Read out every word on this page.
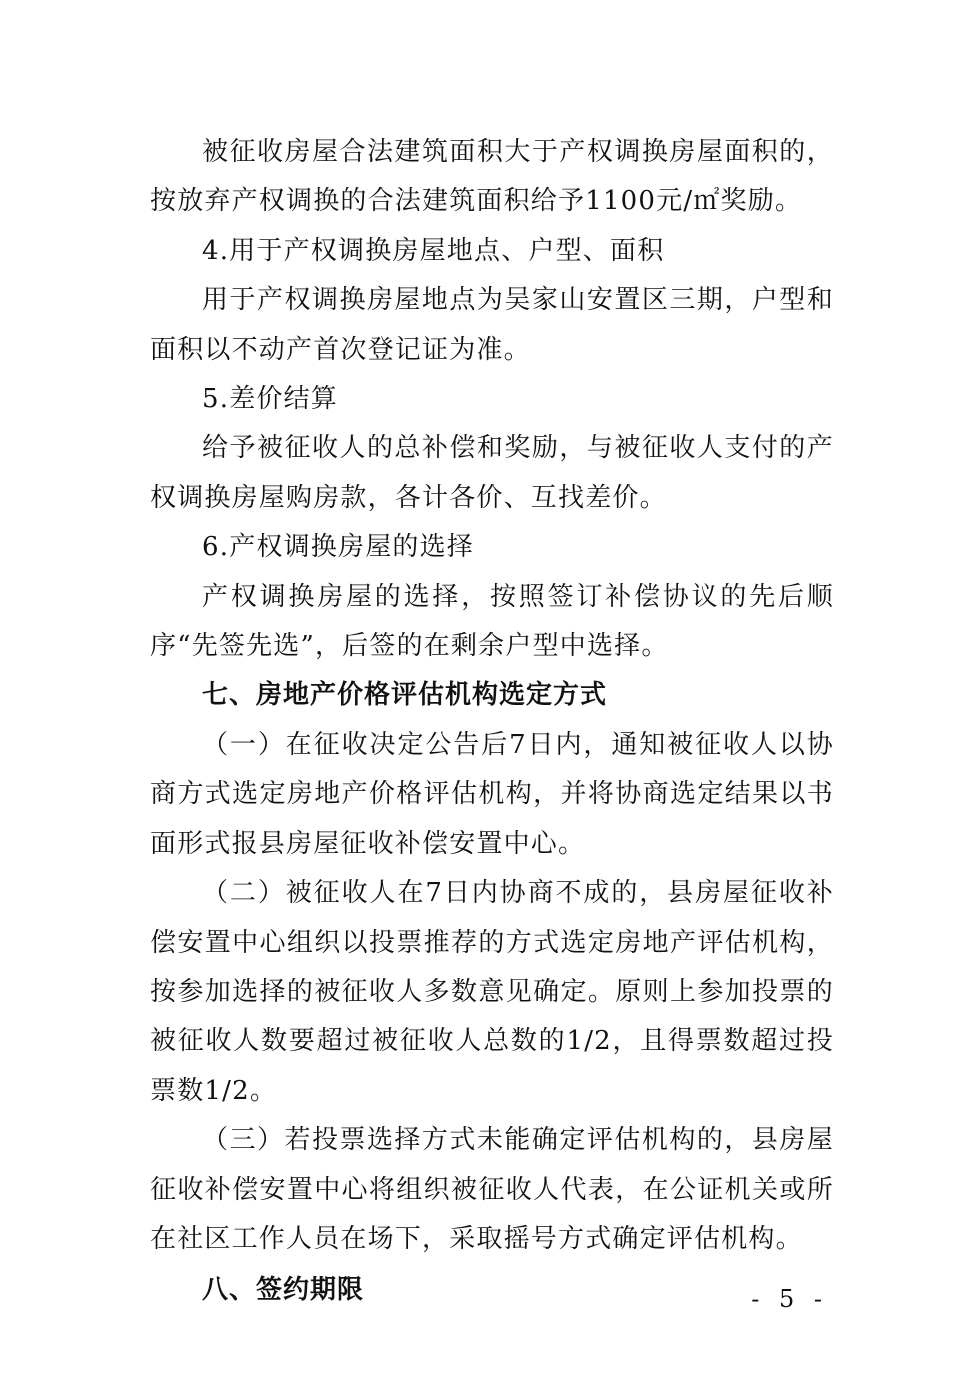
被征收房屋合法建筑面积大于产权调换房屋面积的，按放弃产权调换的合法建筑面积给予1100元/㎡奖励。

4.用于产权调换房屋地点、户型、面积

用于产权调换房屋地点为吴家山安置区三期，户型和面积以不动产首次登记证为准。

5.差价结算

给予被征收人的总补偿和奖励，与被征收人支付的产权调换房屋购房款，各计各价、互找差价。

6.产权调换房屋的选择

产权调换房屋的选择，按照签订补偿协议的先后顺序“先签先选”，后签的在剩余户型中选择。

七、房地产价格评估机构选定方式

（一）在征收决定公告后7日内，通知被征收人以协商方式选定房地产价格评估机构，并将协商选定结果以书面形式报县房屋征收补偿安置中心。

（二）被征收人在7日内协商不成的，县房屋征收补偿安置中心组织以投票推荐的方式选定房地产评估机构，按参加选择的被征收人多数意见确定。原则上参加投票的被征收人数要超过被征收人总数的1/2，且得票数超过投票数1/2。

（三）若投票选择方式未能确定评估机构的，县房屋征收补偿安置中心将组织被征收人代表，在公证机关或所在社区工作人员在场下，采取摇号方式确定评估机构。

八、签约期限	- 5 -
